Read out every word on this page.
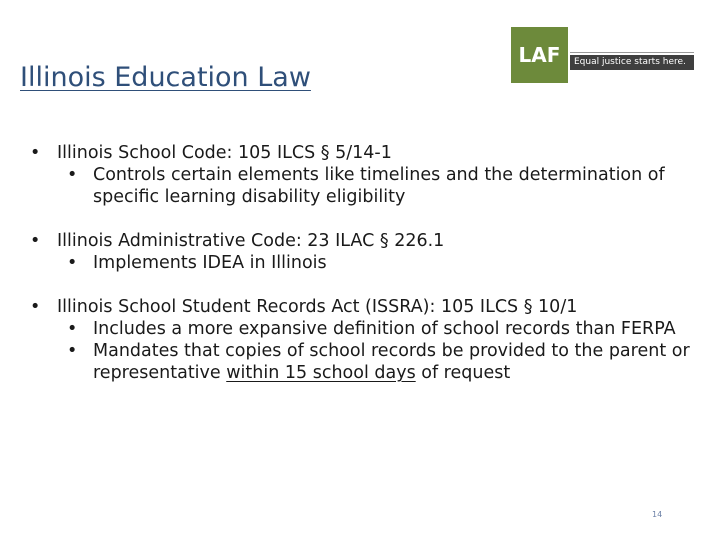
Illinois Education Law
LAF	Equal justice starts here.
• Illinois School Code: 105 ILCS § 5/14-1
• Controls certain elements like timelines and the determination of specific learning disability eligibility
• Illinois Administrative Code: 23 ILAC § 226.1
• Implements IDEA in Illinois
• Illinois School Student Records Act (ISSRA): 105 ILCS § 10/1
• Includes a more expansive definition of school records than FERPA
• Mandates that copies of school records be provided to the parent or representative within 15 school days of request
14
